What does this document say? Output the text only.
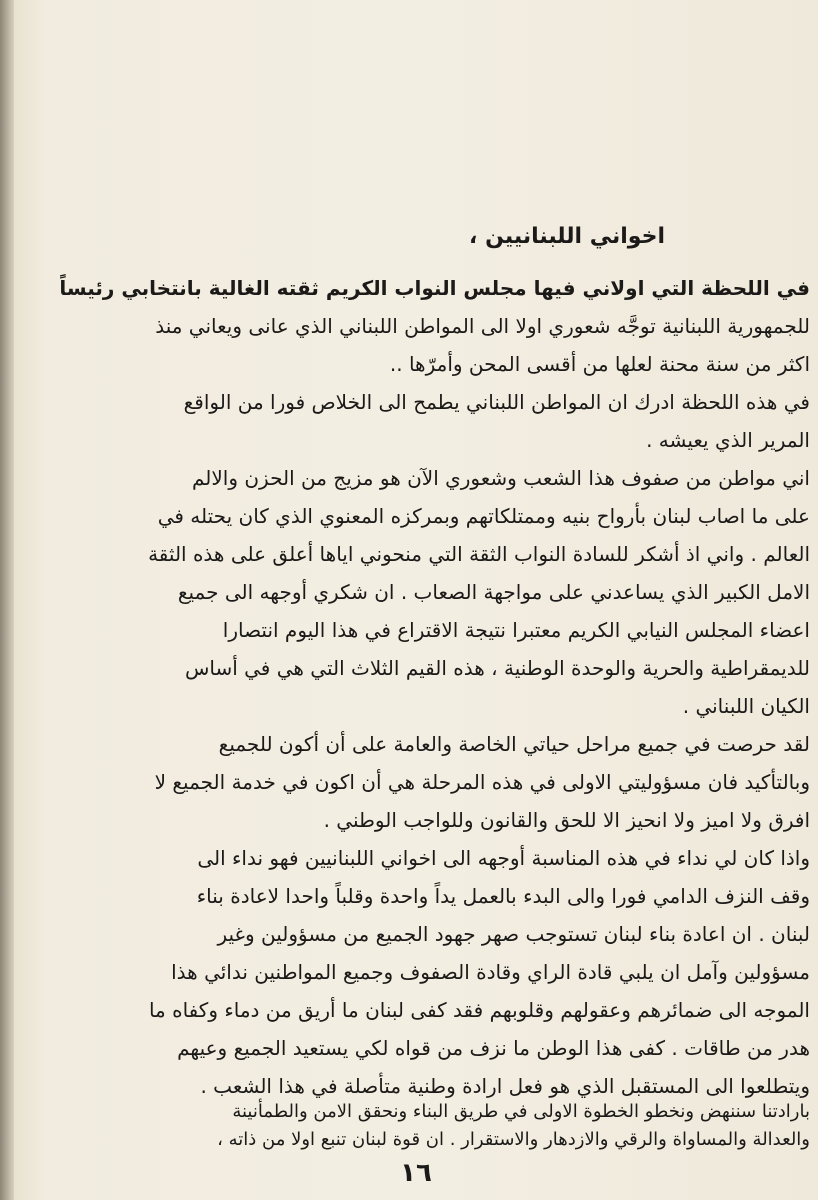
اخواني اللبنانيين ،

في اللحظة التي اولاني فيها مجلس النواب الكريم ثقته الغالية بانتخابي رئيساً

للجمهورية اللبنانية توجَّه شعوري اولا الى المواطن اللبناني الذي عانى ويعاني منذ

اكثر من سنة محنة لعلها من أقسى المحن وأمرّها ..

في هذه اللحظة ادرك ان المواطن اللبناني يطمح الى الخلاص فورا من الواقع

المرير الذي يعيشه .

اني مواطن من صفوف هذا الشعب وشعوري الآن هو مزيج من الحزن والالم

على ما اصاب لبنان بأرواح بنيه وممتلكاتهم وبمركزه المعنوي الذي كان يحتله في

العالم . واني اذ أشكر للسادة النواب الثقة التي منحوني اياها أعلق على هذه الثقة

الامل الكبير الذي يساعدني على مواجهة الصعاب . ان شكري أوجهه الى جميع

اعضاء المجلس النيابي الكريم معتبرا نتيجة الاقتراع في هذا اليوم انتصارا

للديمقراطية والحرية والوحدة الوطنية ، هذه القيم الثلاث التي هي في أساس

الكيان اللبناني .

لقد حرصت في جميع مراحل حياتي الخاصة والعامة على أن أكون للجميع

وبالتأكيد فان مسؤوليتي الاولى في هذه المرحلة هي أن اكون في خدمة الجميع لا

افرق ولا اميز ولا انحيز الا للحق والقانون وللواجب الوطني .

واذا كان لي نداء في هذه المناسبة أوجهه الى اخواني اللبنانيين فهو نداء الى

وقف النزف الدامي فورا والى البدء بالعمل يداً واحدة وقلباً واحدا لاعادة بناء

لبنان . ان اعادة بناء لبنان تستوجب صهر جهود الجميع من مسؤولين وغير

مسؤولين وآمل ان يلبي قادة الراي وقادة الصفوف وجميع المواطنين ندائي هذا

الموجه الى ضمائرهم وعقولهم وقلوبهم فقد كفى لبنان ما أريق من دماء وكفاه ما

هدر من طاقات . كفى هذا الوطن ما نزف من قواه لكي يستعيد الجميع وعيهم

ويتطلعوا الى المستقبل الذي هو فعل ارادة وطنية متأصلة في هذا الشعب .

بارادتنا سننهض ونخطو الخطوة الاولى في طريق البناء ونحقق الامن والطمأنينة

والعدالة والمساواة والرقي والازدهار والاستقرار . ان قوة لبنان تنبع اولا من ذاته ،

١٦
